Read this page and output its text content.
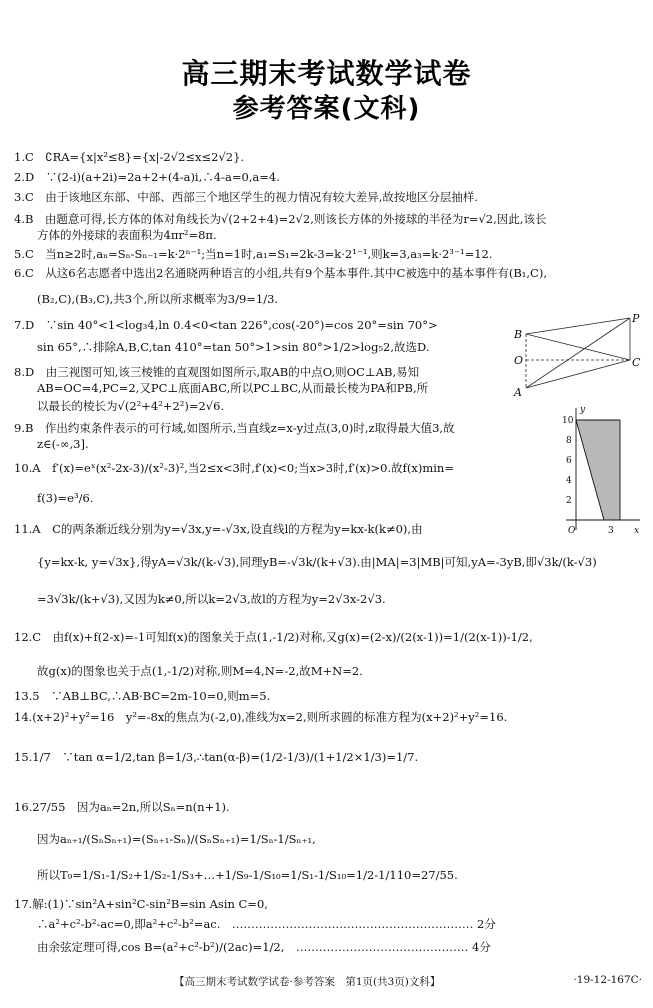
高三期末考试数学试卷
参考答案(文科)
1.C　∁RA={x|x²≤8}={x|-2√2≤x≤2√2}.
2.D　∵(2-i)(a+2i)=2a+2+(4-a)i,∴4-a=0,a=4.
3.C　由于该地区东部、中部、西部三个地区学生的视力情况有较大差异,故按地区分层抽样.
4.B　由题意可得,长方体的体对角线长为√(2+2+4)=2√2,则该长方体的外接球的半径为r=√2,因此,该长
　　方体的外接球的表面积为4πr²=8π.
5.C　当n≥2时,aₙ=Sₙ-Sₙ₋₁=k·2ⁿ⁻¹;当n=1时,a₁=S₁=2k-3=k·2¹⁻¹,则k=3,a₃=k·2³⁻¹=12.
6.C　从这6名志愿者中选出2名通晓两种语言的小组,共有9个基本事件.其中C被选中的基本事件有(B₁,C),
　　(B₂,C),(B₃,C),共3个,所以所求概率为3/9=1/3.
7.D　∵sin 40°<1<log₃4,ln 0.4<0<tan 226°,cos(-20°)=cos 20°=sin 70°>
　　sin 65°,∴排除A,B,C,tan 410°=tan 50°>1>sin 80°>1/2>log₅2,故选D.
8.D　由三视图可知,该三棱锥的直观图如图所示,取AB的中点O,则OC⊥AB,易知
　　AB=OC=4,PC=2,又PC⊥底面ABC,所以PC⊥BC,从而最长棱为PA和PB,所
　　以最长的棱长为√(2²+4²+2²)=2√6.
9.B　作出约束条件表示的可行域,如图所示,当直线z=x-y过点(3,0)时,z取得最大值3,故
　　z∈(-∞,3].
10.A　f′(x)=eˣ(x²-2x-3)/(x²-3)²,当2≤x<3时,f′(x)<0;当x>3时,f′(x)>0.故f(x)min=
　　f(3)=e³/6.
11.A　C的两条渐近线分别为y=√3x,y=-√3x,设直线l的方程为y=kx-k(k≠0),由
　　{y=kx-k, y=√3x},得yA=√3k/(k-√3),同理yB=-√3k/(k+√3).由|MA|=3|MB|可知,yA=-3yB,即√3k/(k-√3)
　　=3√3k/(k+√3),又因为k≠0,所以k=2√3,故l的方程为y=2√3x-2√3.
12.C　由f(x)+f(2-x)=-1可知f(x)的图象关于点(1,-1/2)对称,又g(x)=(2-x)/(2(x-1))=1/(2(x-1))-1/2,
　　故g(x)的图象也关于点(1,-1/2)对称,则M=4,N=-2,故M+N=2.
13.5　∵AB⊥BC,∴AB·BC=2m-10=0,则m=5.
14.(x+2)²+y²=16　y²=-8x的焦点为(-2,0),准线为x=2,则所求圆的标准方程为(x+2)²+y²=16.
15.1/7　∵tan α=1/2,tan β=1/3,∴tan(α-β)=(1/2-1/3)/(1+1/2×1/3)=1/7.
16.27/55　因为aₙ=2n,所以Sₙ=n(n+1).
　　因为aₙ₊₁/(SₙSₙ₊₁)=(Sₙ₊₁-Sₙ)/(SₙSₙ₊₁)=1/Sₙ-1/Sₙ₊₁,
　　所以T₉=1/S₁-1/S₂+1/S₂-1/S₃+…+1/S₉-1/S₁₀=1/S₁-1/S₁₀=1/2-1/110=27/55.
17.解:(1)∵sin²A+sin²C-sin²B=sin Asin C=0,
　　∴a²+c²-b²-ac=0,即a²+c²-b²=ac.　……………………………………………………… 2分
　　由余弦定理可得,cos B=(a²+c²-b²)/(2ac)=1/2,　……………………………………… 4分
P
B
O	C
A
y
10
8
6
4
2
O	3 x
【高三期末考试数学试卷·参考答案　第1页(共3页)文科】	·19-12-167C·
